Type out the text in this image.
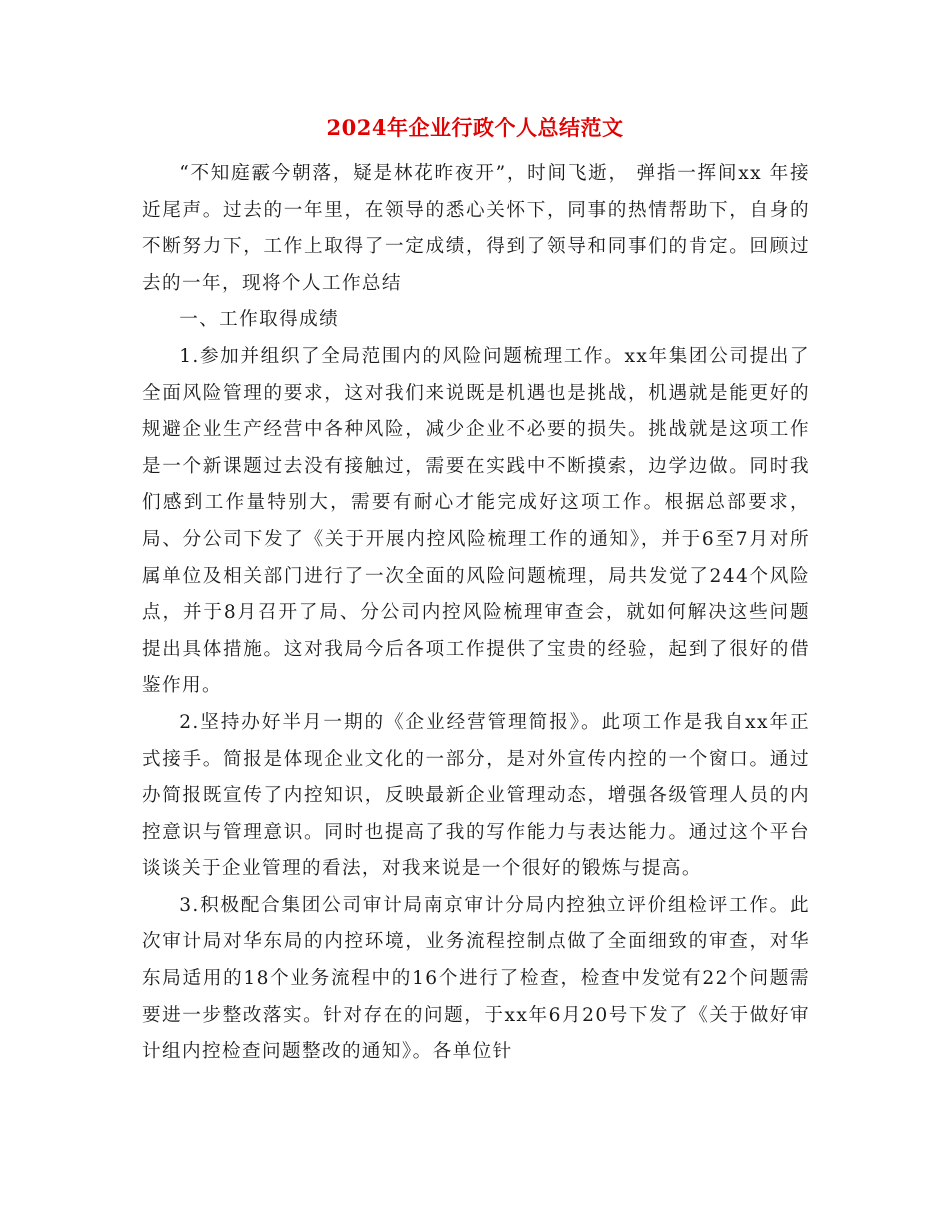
2024年企业行政个人总结范文

“不知庭霰今朝落，疑是林花昨夜开”，时间飞逝， 弹指一挥间xx 年接近尾声。过去的一年里，在领导的悉心关怀下，同事的热情帮助下，自身的不断努力下，工作上取得了一定成绩，得到了领导和同事们的肯定。回顾过去的一年，现将个人工作总结

一、工作取得成绩

1.参加并组织了全局范围内的风险问题梳理工作。xx年集团公司提出了全面风险管理的要求，这对我们来说既是机遇也是挑战，机遇就是能更好的规避企业生产经营中各种风险，减少企业不必要的损失。挑战就是这项工作是一个新课题过去没有接触过，需要在实践中不断摸索，边学边做。同时我们感到工作量特别大，需要有耐心才能完成好这项工作。根据总部要求，局、分公司下发了《关于开展内控风险梳理工作的通知》，并于6至7月对所属单位及相关部门进行了一次全面的风险问题梳理，局共发觉了244个风险点，并于8月召开了局、分公司内控风险梳理审查会，就如何解决这些问题提出具体措施。这对我局今后各项工作提供了宝贵的经验，起到了很好的借鉴作用。

2.坚持办好半月一期的《企业经营管理简报》。此项工作是我自xx年正式接手。简报是体现企业文化的一部分，是对外宣传内控的一个窗口。通过办简报既宣传了内控知识，反映最新企业管理动态，增强各级管理人员的内控意识与管理意识。同时也提高了我的写作能力与表达能力。通过这个平台谈谈关于企业管理的看法，对我来说是一个很好的锻炼与提高。

3.积极配合集团公司审计局南京审计分局内控独立评价组检评工作。此次审计局对华东局的内控环境，业务流程控制点做了全面细致的审查，对华东局适用的18个业务流程中的16个进行了检查，检查中发觉有22个问题需要进一步整改落实。针对存在的问题，于xx年6月20号下发了《关于做好审计组内控检查问题整改的通知》。各单位针
